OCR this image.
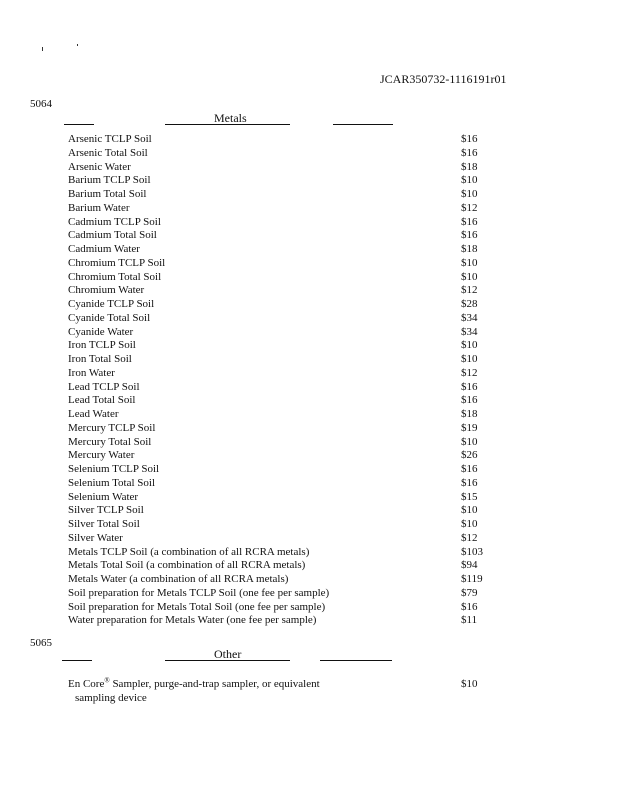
JCAR350732-1116191r01
5064
Metals
Arsenic TCLP Soil	$16
Arsenic Total Soil	$16
Arsenic Water	$18
Barium TCLP Soil	$10
Barium Total Soil	$10
Barium Water	$12
Cadmium TCLP Soil	$16
Cadmium Total Soil	$16
Cadmium Water	$18
Chromium TCLP Soil	$10
Chromium Total Soil	$10
Chromium Water	$12
Cyanide TCLP Soil	$28
Cyanide Total Soil	$34
Cyanide Water	$34
Iron TCLP Soil	$10
Iron Total Soil	$10
Iron Water	$12
Lead TCLP Soil	$16
Lead Total Soil	$16
Lead Water	$18
Mercury TCLP Soil	$19
Mercury Total Soil	$10
Mercury Water	$26
Selenium TCLP Soil	$16
Selenium Total Soil	$16
Selenium Water	$15
Silver TCLP Soil	$10
Silver Total Soil	$10
Silver Water	$12
Metals TCLP Soil (a combination of all RCRA metals)	$103
Metals Total Soil (a combination of all RCRA metals)	$94
Metals Water (a combination of all RCRA metals)	$119
Soil preparation for Metals TCLP Soil (one fee per sample)	$79
Soil preparation for Metals Total Soil (one fee per sample)	$16
Water preparation for Metals Water (one fee per sample)	$11
5065
Other
En Core® Sampler, purge-and-trap sampler, or equivalent
sampling device
$10
